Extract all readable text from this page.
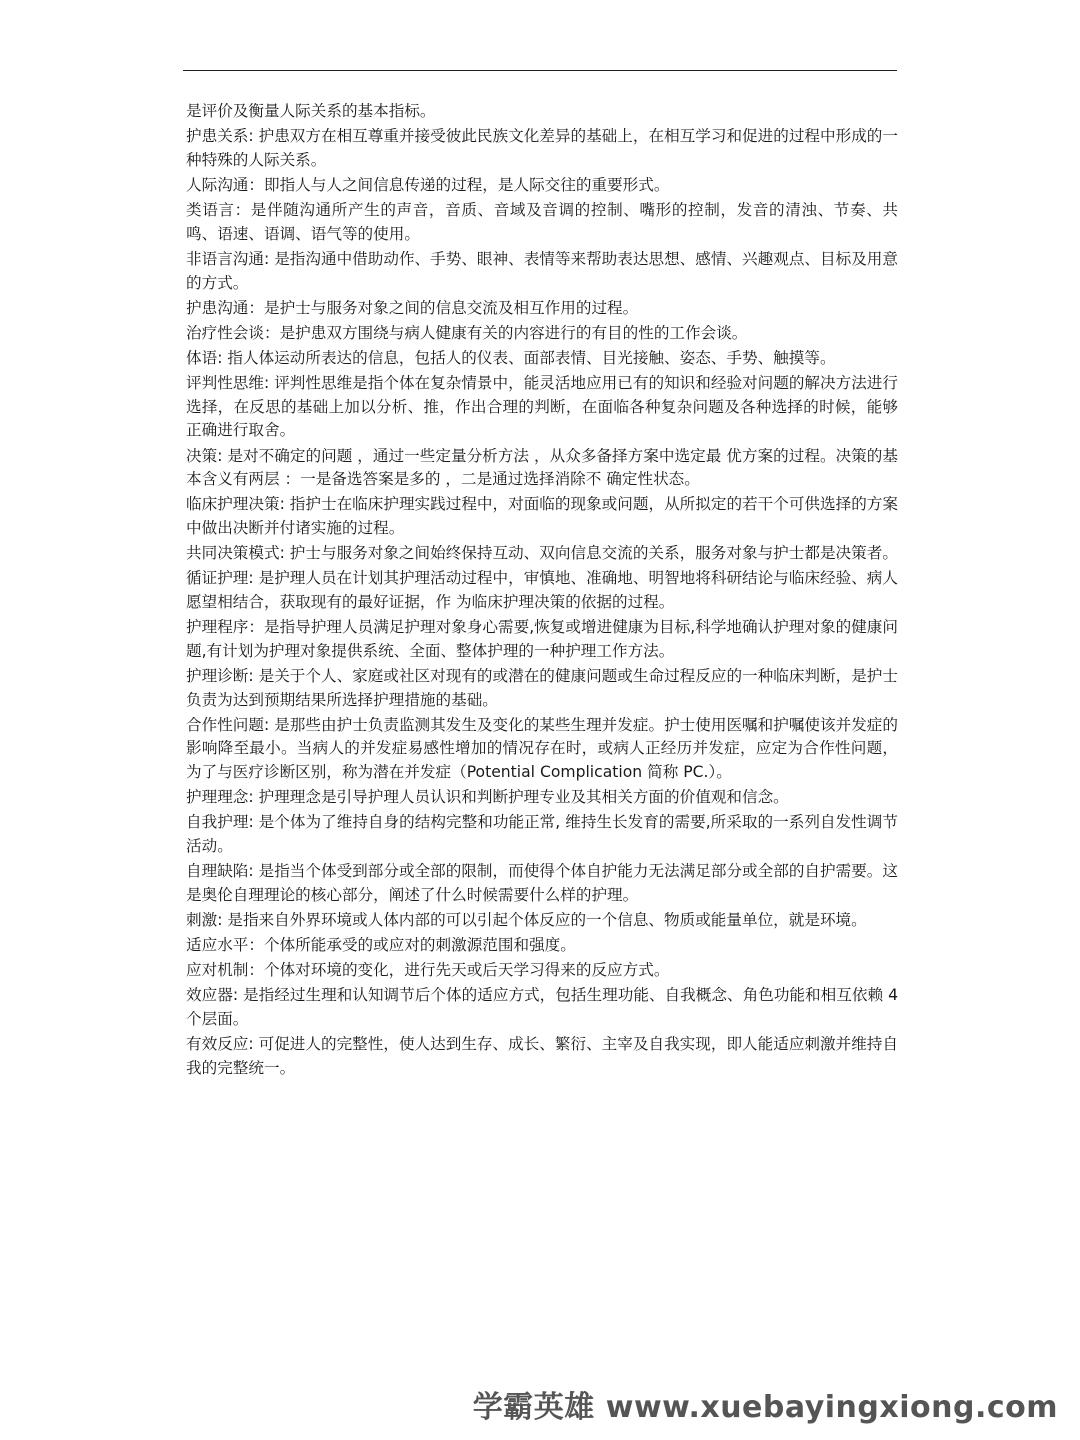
是评价及衡量人际关系的基本指标。

护患关系: 护患双方在相互尊重并接受彼此民族文化差异的基础上，在相互学习和促进的过程中形成的一种特殊的人际关系。

人际沟通：即指人与人之间信息传递的过程，是人际交往的重要形式。

类语言：是伴随沟通所产生的声音，音质、音域及音调的控制、嘴形的控制，发音的清浊、节奏、共鸣、语速、语调、语气等的使用。

非语言沟通: 是指沟通中借助动作、手势、眼神、表情等来帮助表达思想、感情、兴趣观点、目标及用意的方式。

护患沟通：是护士与服务对象之间的信息交流及相互作用的过程。

治疗性会谈：是护患双方围绕与病人健康有关的内容进行的有目的性的工作会谈。

体语: 指人体运动所表达的信息，包括人的仪表、面部表情、目光接触、姿态、手势、触摸等。

评判性思维: 评判性思维是指个体在复杂情景中，能灵活地应用已有的知识和经验对问题的解决方法进行选择，在反思的基础上加以分析、推，作出合理的判断，在面临各种复杂问题及各种选择的时候，能够正确进行取舍。

决策: 是对不确定的问题 ，通过一些定量分析方法 ，从众多备择方案中选定最 优方案的过程。决策的基本含义有两层 ：一是备选答案是多的 ，二是通过选择消除不 确定性状态。

临床护理决策: 指护士在临床护理实践过程中，对面临的现象或问题，从所拟定的若干个可供选择的方案中做出决断并付诸实施的过程。

共同决策模式: 护士与服务对象之间始终保持互动、双向信息交流的关系，服务对象与护士都是决策者。

循证护理: 是护理人员在计划其护理活动过程中，审慎地、准确地、明智地将科研结论与临床经验、病人愿望相结合，获取现有的最好证据，作 为临床护理决策的依据的过程。

护理程序：是指导护理人员满足护理对象身心需要,恢复或增进健康为目标,科学地确认护理对象的健康问题,有计划为护理对象提供系统、全面、整体护理的一种护理工作方法。

护理诊断: 是关于个人、家庭或社区对现有的或潜在的健康问题或生命过程反应的一种临床判断，是护士负责为达到预期结果所选择护理措施的基础。

合作性问题: 是那些由护士负责监测其发生及变化的某些生理并发症。护士使用医嘱和护嘱使该并发症的影响降至最小。当病人的并发症易感性增加的情况存在时，或病人正经历并发症，应定为合作性问题，为了与医疗诊断区别，称为潜在并发症（Potential Complication 简称 PC.）。

护理理念: 护理理念是引导护理人员认识和判断护理专业及其相关方面的价值观和信念。

自我护理: 是个体为了维持自身的结构完整和功能正常, 维持生长发育的需要,所采取的一系列自发性调节活动。

自理缺陷: 是指当个体受到部分或全部的限制，而使得个体自护能力无法满足部分或全部的自护需要。这是奥伦自理理论的核心部分，阐述了什么时候需要什么样的护理。

刺激: 是指来自外界环境或人体内部的可以引起个体反应的一个信息、物质或能量单位，就是环境。

适应水平：个体所能承受的或应对的刺激源范围和强度。

应对机制：个体对环境的变化，进行先天或后天学习得来的反应方式。

效应器: 是指经过生理和认知调节后个体的适应方式，包括生理功能、自我概念、角色功能和相互依赖 4 个层面。

有效反应: 可促进人的完整性，使人达到生存、成长、繁衍、主宰及自我实现，即人能适应刺激并维持自我的完整统一。

学霸英雄 www.xuebayingxiong.com
